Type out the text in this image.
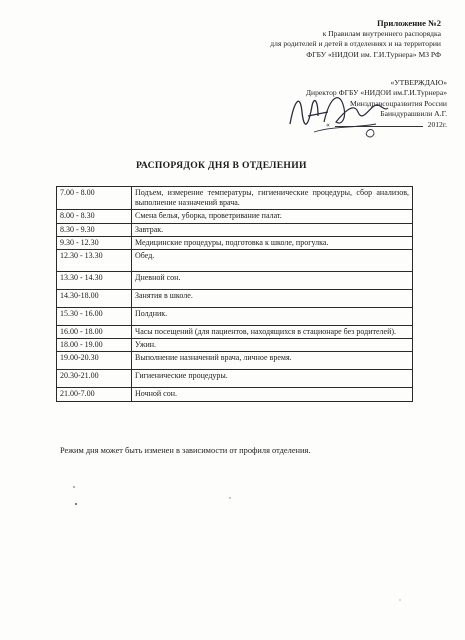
Приложение №2
к Правилам внутреннего распорядка
для родителей и детей в отделениях и на территории
ФГБУ «НИДОИ им. Г.И.Турнера» МЗ РФ
«УТВЕРЖДАЮ»
Директор ФГБУ «НИДОИ им.Г.И.Турнера»
Минздравсоцразвития России
Баиндурашвили А.Г.
«	2012г.
РАСПОРЯДОК ДНЯ В ОТДЕЛЕНИИ
7.00 - 8.00	Подъем, измерение температуры, гигиенические процедуры, сбор анализов, выполнение назначений врача.
8.00 - 8.30	Смена белья, уборка, проветривание палат.
8.30 - 9.30	Завтрак.
9.30 - 12.30	Медицинские процедуры, подготовка к школе, прогулка.
12.30 - 13.30	Обед.
13.30 - 14.30	Дневной сон.
14.30-18.00	Занятия в школе.
15.30 - 16.00	Полдник.
16.00 - 18.00	Часы посещений (для пациентов, находящихся в стационаре без родителей).
18.00 - 19.00	Ужин.
19.00-20.30	Выполнение назначений врача, личное время.
20.30-21.00	Гигиенические процедуры.
21.00-7.00	Ночной сон.
Режим дня может быть изменен в зависимости от профиля отделения.
